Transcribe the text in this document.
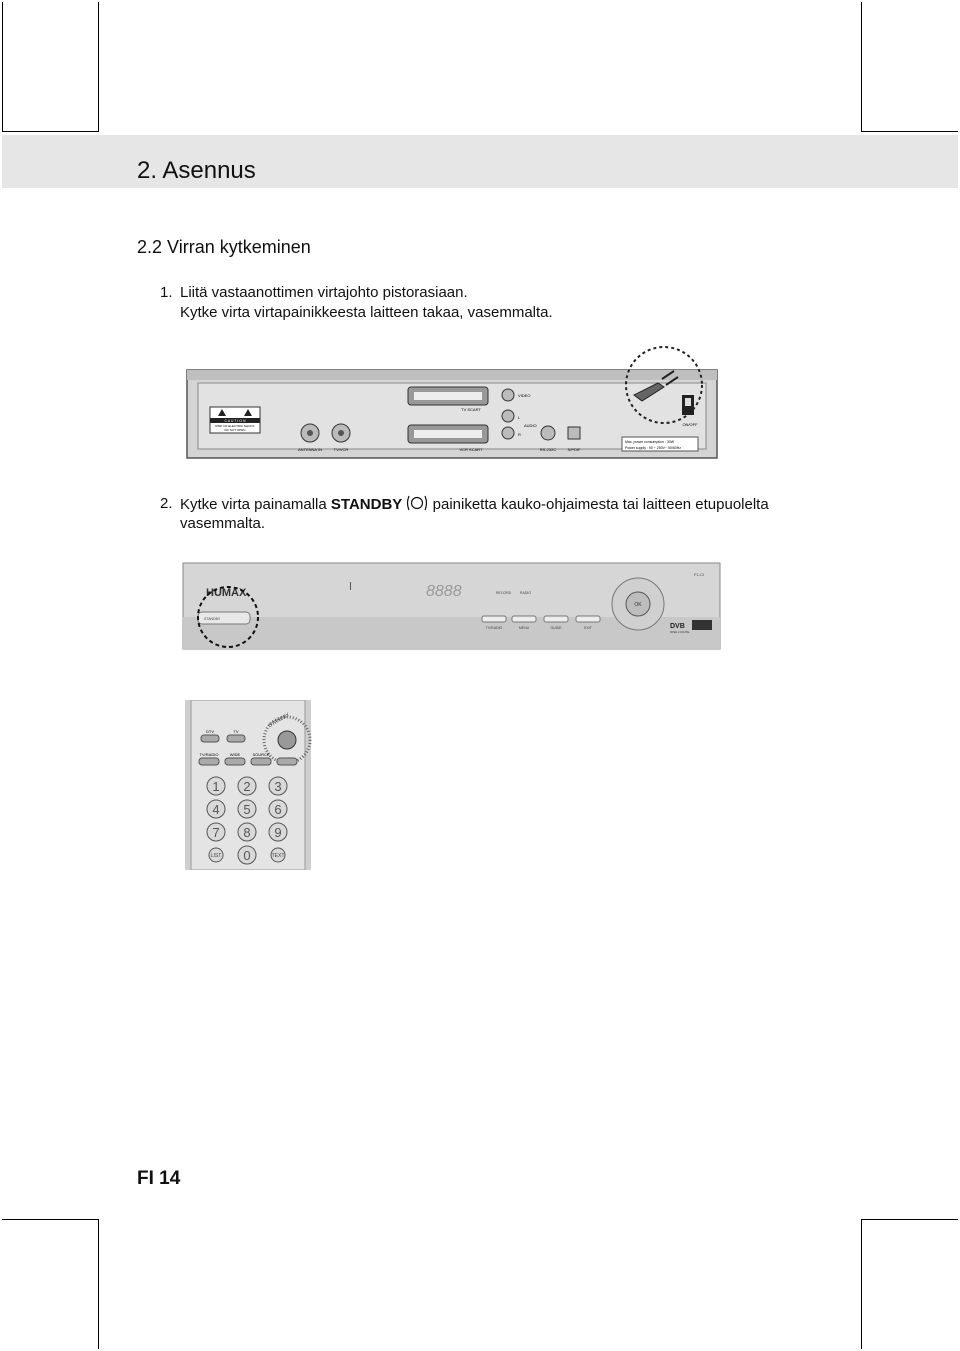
2. Asennus
2.2 Virran kytkeminen
1. Liitä vastaanottimen virtajohto pistorasiaan.
Kytke virta virtapainikkeesta laitteen takaa, vasemmalta.
C A U T I O N
RISK OF ELECTRIC SHOCK
DO NOT OPEN
ANTENNA IN	TV/VCR
TV SCART
VCR SCART
VIDEO
L
R
AUDIO
RS-232C	S/PDIF
Max. power consumption : 30W
Power supply : 90 ~ 250V~ 50/60Hz
ON/OFF
2. Kytke virta painamalla STANDBY painiketta kauko-ohjaimesta tai laitteen etupuolelta
vasemmalta.
HUMAX	8888	RECORD	RADIO
F1-CI
STANDBY
TV/RADIO	MENU	GUIDE	EXIT
OK
DVB
MPEG-2 DIGITAL
STANDBY
DTV	TV
TV/RADIO	WIDE	SOURCE
1 2 3
4 5 6
7 8 9
LIST 0	TEXT
FI 14
